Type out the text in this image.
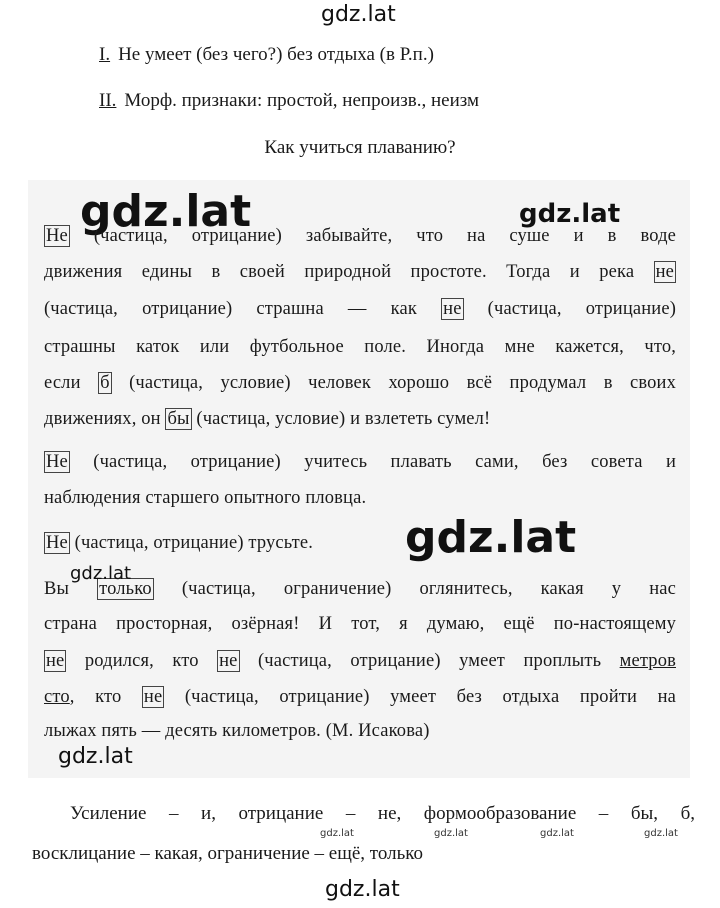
gdz.lat
gdz.lat	gdz.lat
I. Не умеет (без чего?) без отдыха (в Р.п.)
II. Морф. признаки: простой, непроизв., неизм
Как учиться плаванию?
Не (частица, отрицание) забывайте, что на суше и в воде
движения едины в своей природной простоте. Тогда и река не
(частица, отрицание) страшна — как не (частица, отрицание)
страшны каток или футбольное поле. Иногда мне кажется, что,
если б (частица, условие) человек хорошо всё продумал в своих
движениях, он бы (частица, условие) и взлететь сумел!
Не (частица, отрицание) учитесь плавать сами, без совета и
наблюдения старшего опытного пловца.
Не (частица, отрицание) трусьте.
Вы только (частица, ограничение) оглянитесь, какая у нас
страна просторная, озёрная! И тот, я думаю, ещё по-настоящему
не родился, кто не (частица, отрицание) умеет проплыть метров
сто, кто не (частица, отрицание) умеет без отдыха пройти на
лыжах пять — десять километров. (М. Исакова)
gdz.lat
gdz.lat
gdz.lat
Усиление – и, отрицание – не, формообразование – бы, б,
gdz.lat	gdz.lat	gdz.lat	gdz.lat
восклицание – какая, ограничение – ещё, только
gdz.lat
